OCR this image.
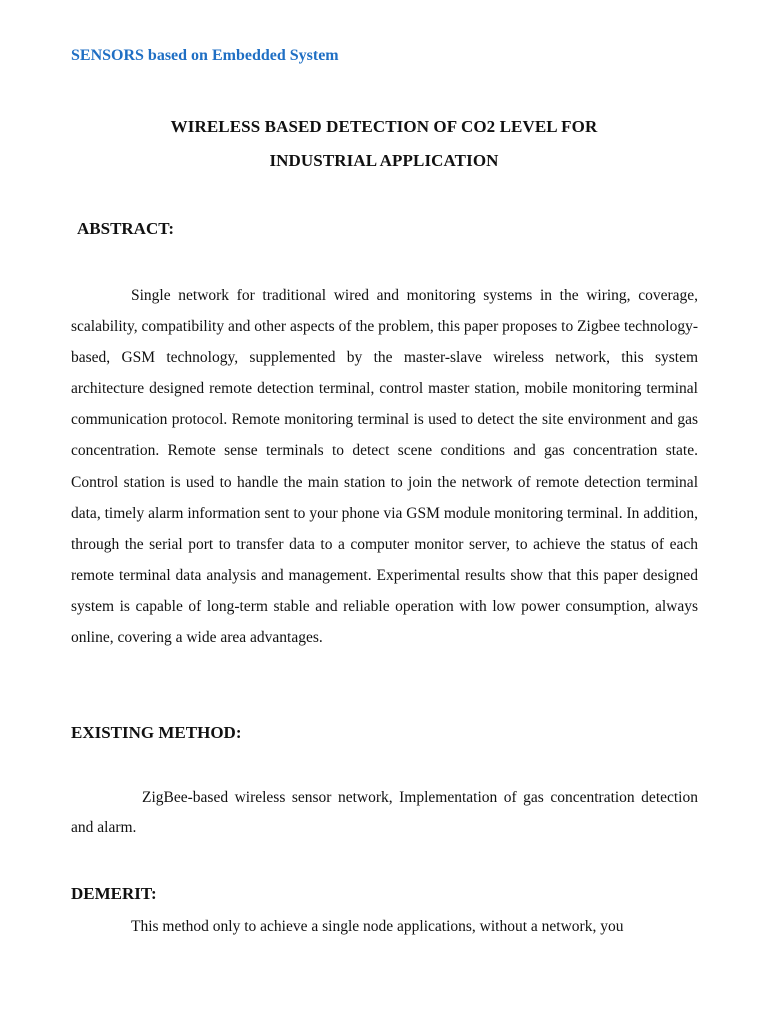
SENSORS based on Embedded System
WIRELESS BASED DETECTION OF CO2 LEVEL FOR
INDUSTRIAL APPLICATION
ABSTRACT:

Single network for traditional wired and monitoring systems in the wiring, coverage, scalability, compatibility and other aspects of the problem, this paper proposes to Zigbee technology-based, GSM technology, supplemented by the master-slave wireless network, this system architecture designed remote detection terminal, control master station, mobile monitoring terminal communication protocol. Remote monitoring terminal is used to detect the site environment and gas concentration. Remote sense terminals to detect scene conditions and gas concentration state. Control station is used to handle the main station to join the network of remote detection terminal data, timely alarm information sent to your phone via GSM module monitoring terminal. In addition, through the serial port to transfer data to a computer monitor server, to achieve the status of each remote terminal data analysis and management. Experimental results show that this paper designed system is capable of long-term stable and reliable operation with low power consumption, always online, covering a wide area advantages.

EXISTING METHOD:

ZigBee-based wireless sensor network, Implementation of gas concentration detection and alarm.

DEMERIT:

This method only to achieve a single node applications, without a network, you
